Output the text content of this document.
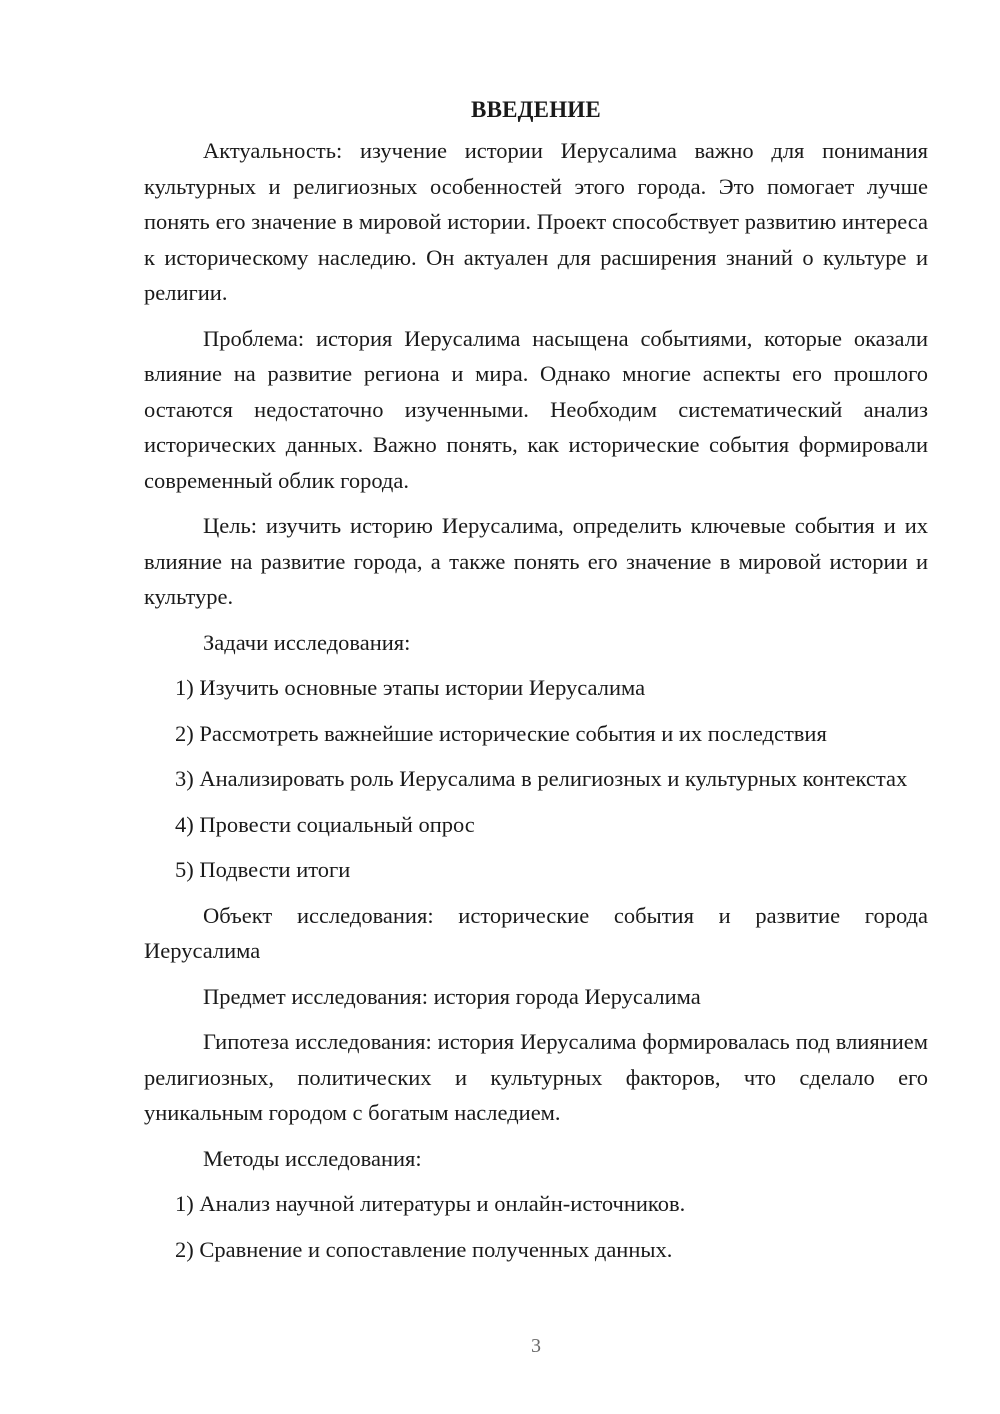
ВВЕДЕНИЕ

Актуальность: изучение истории Иерусалима важно для понимания культурных и религиозных особенностей этого города. Это помогает лучше понять его значение в мировой истории. Проект способствует развитию интереса к историческому наследию. Он актуален для расширения знаний о культуре и религии.

Проблема: история Иерусалима насыщена событиями, которые оказали влияние на развитие региона и мира. Однако многие аспекты его прошлого остаются недостаточно изученными. Необходим систематический анализ исторических данных. Важно понять, как исторические события формировали современный облик города.

Цель: изучить историю Иерусалима, определить ключевые события и их влияние на развитие города, а также понять его значение в мировой истории и культуре.

Задачи исследования:

1) Изучить основные этапы истории Иерусалима

2) Рассмотреть важнейшие исторические события и их последствия

3) Анализировать роль Иерусалима в религиозных и культурных контекстах

4) Провести социальный опрос

5) Подвести итоги

Объект исследования: исторические события и развитие города Иерусалима

Предмет исследования: история города Иерусалима

Гипотеза исследования: история Иерусалима формировалась под влиянием религиозных, политических и культурных факторов, что сделало его уникальным городом с богатым наследием.

Методы исследования:

1) Анализ научной литературы и онлайн-источников.

2) Сравнение и сопоставление полученных данных.

3
